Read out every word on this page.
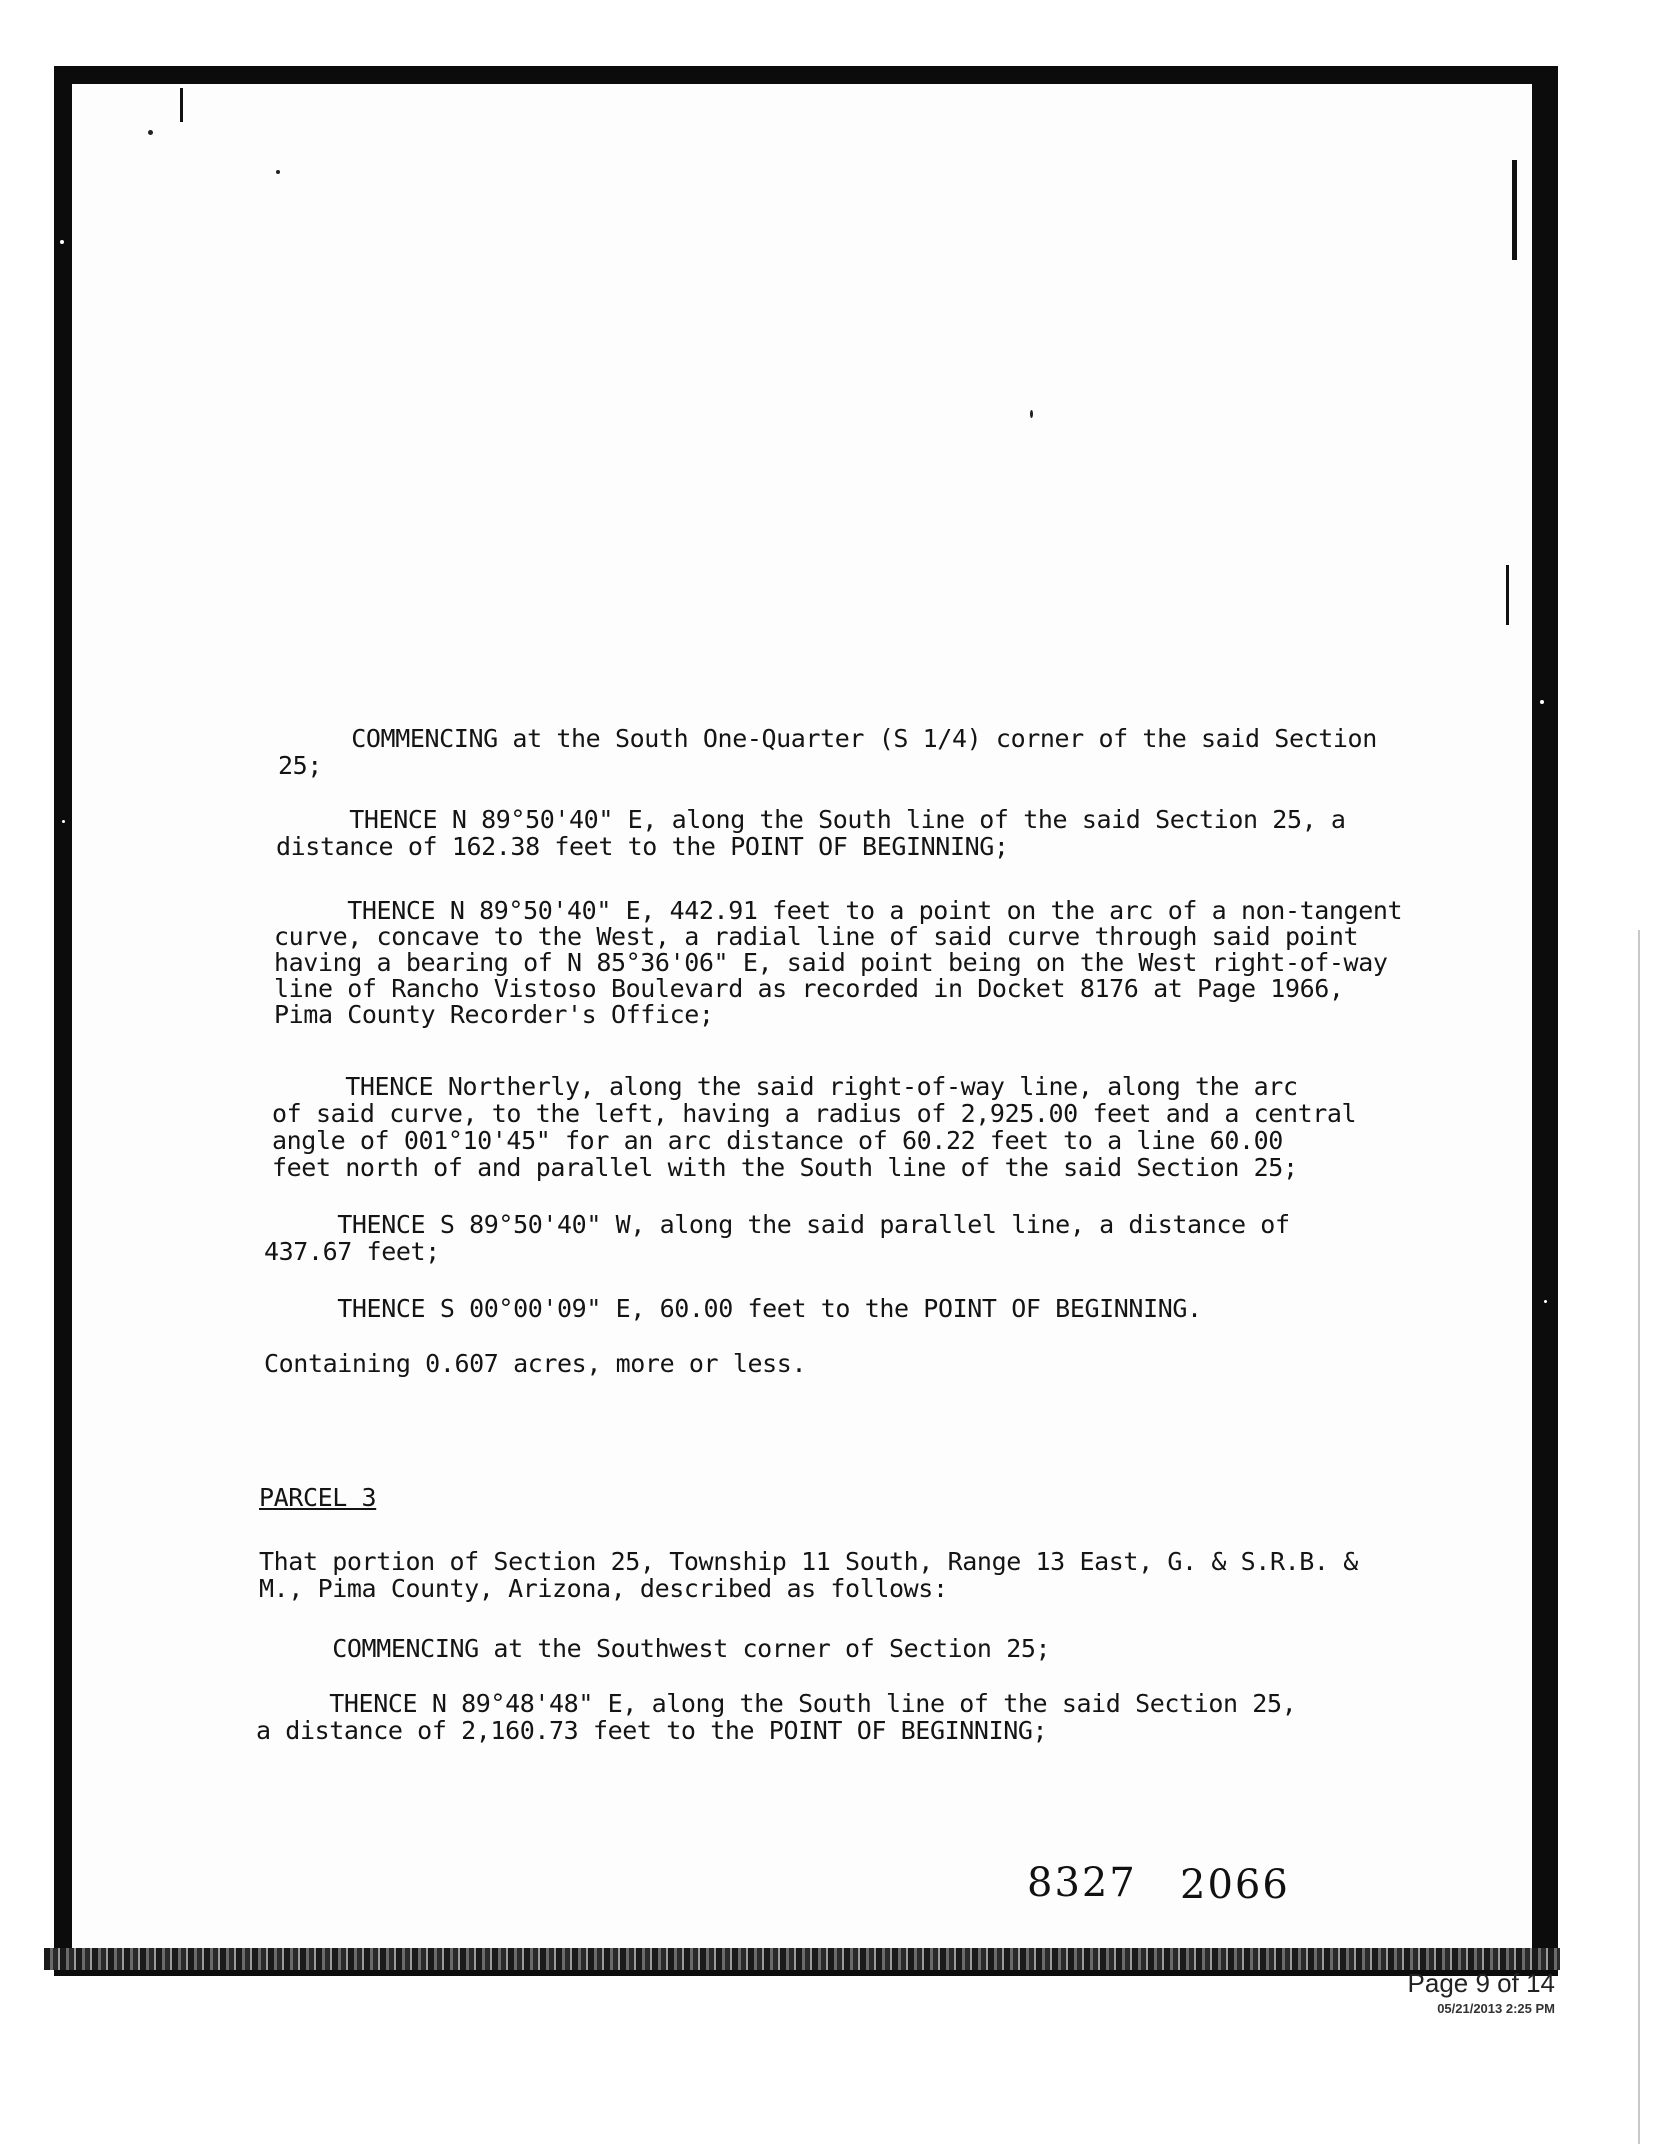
COMMENCING at the South One-Quarter (S 1/4) corner of the said Section
25;
THENCE N 89°50'40" E, along the South line of the said Section 25, a
distance of 162.38 feet to the POINT OF BEGINNING;
THENCE N 89°50'40" E, 442.91 feet to a point on the arc of a non-tangent
curve, concave to the West, a radial line of said curve through said point
having a bearing of N 85°36'06" E, said point being on the West right-of-way
line of Rancho Vistoso Boulevard as recorded in Docket 8176 at Page 1966,
Pima County Recorder's Office;
THENCE Northerly, along the said right-of-way line, along the arc
of said curve, to the left, having a radius of 2,925.00 feet and a central
angle of 001°10'45" for an arc distance of 60.22 feet to a line 60.00
feet north of and parallel with the South line of the said Section 25;
THENCE S 89°50'40" W, along the said parallel line, a distance of
437.67 feet;
THENCE S 00°00'09" E, 60.00 feet to the POINT OF BEGINNING.
Containing 0.607 acres, more or less.
PARCEL 3
That portion of Section 25, Township 11 South, Range 13 East, G. & S.R.B. &
M., Pima County, Arizona, described as follows:
COMMENCING at the Southwest corner of Section 25;
THENCE N 89°48'48" E, along the South line of the said Section 25,
a distance of 2,160.73 feet to the POINT OF BEGINNING;
8327 2066
Page 9 of 14
05/21/2013 2:25 PM
